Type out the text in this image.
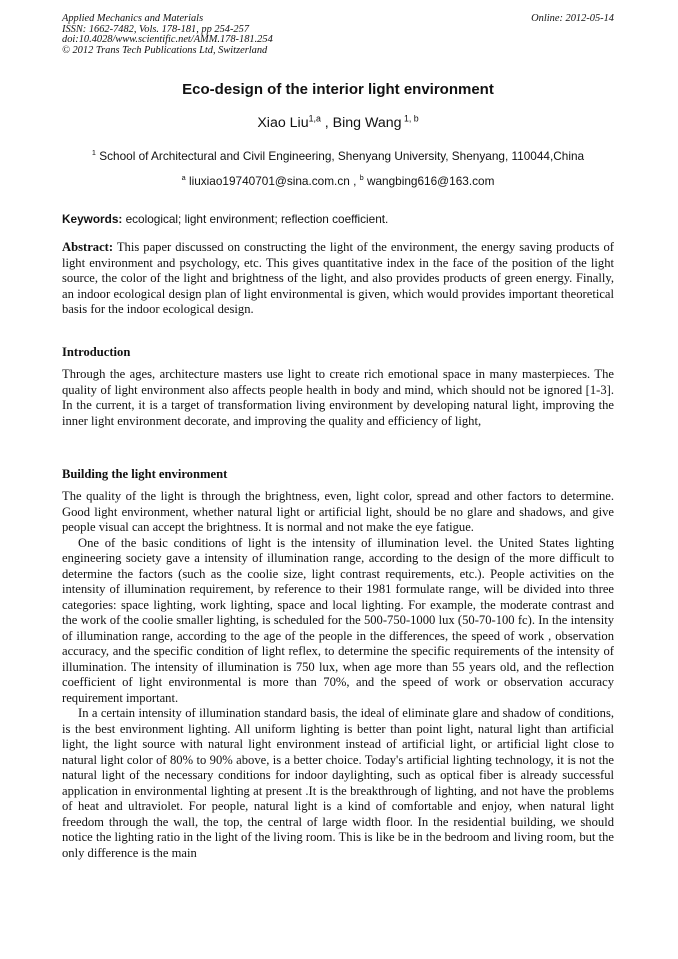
Applied Mechanics and Materials	Online: 2012-05-14
ISSN: 1662-7482, Vols. 178-181, pp 254-257
doi:10.4028/www.scientific.net/AMM.178-181.254
© 2012 Trans Tech Publications Ltd, Switzerland
Eco-design of the interior light environment
Xiao Liu$^{1,a}$ , Bing Wang $^{1, b}$
$^1$ School of Architectural and Civil Engineering, Shenyang University, Shenyang, 110044,China
$^a$ liuxiao19740701@sina.com.cn , $^b$ wangbing616@163.com
Keywords: ecological; light environment; reflection coefficient.

Abstract: This paper discussed on constructing the light of the environment, the energy saving products of light environment and psychology, etc. This gives quantitative index in the face of the position of the light source, the color of the light and brightness of the light, and also provides products of green energy. Finally, an indoor ecological design plan of light environmental is given, which would provides important theoretical basis for the indoor ecological design.

Introduction

Through the ages, architecture masters use light to create rich emotional space in many masterpieces. The quality of light environment also affects people health in body and mind, which should not be ignored [1-3]. In the current, it is a target of transformation living environment by developing natural light, improving the inner light environment decorate, and improving the quality and efficiency of light,

Building the light environment

The quality of the light is through the brightness, even, light color, spread and other factors to determine. Good light environment, whether natural light or artificial light, should be no glare and shadows, and give people visual can accept the brightness. It is normal and not make the eye fatigue.

One of the basic conditions of light is the intensity of illumination level. the United States lighting engineering society gave a intensity of illumination range, according to the design of the more difficult to determine the factors (such as the coolie size, light contrast requirements, etc.). People activities on the intensity of illumination requirement, by reference to their 1981 formulate range, will be divided into three categories: space lighting, work lighting, space and local lighting. For example, the moderate contrast and the work of the coolie smaller lighting, is scheduled for the 500-750-1000 lux (50-70-100 fc). In the intensity of illumination range, according to the age of the people in the differences, the speed of work , observation accuracy, and the specific condition of light reflex, to determine the specific requirements of the intensity of illumination. The intensity of illumination is 750 lux, when age more than 55 years old, and the reflection coefficient of light environmental is more than 70%, and the speed of work or observation accuracy requirement important.

In a certain intensity of illumination standard basis, the ideal of eliminate glare and shadow of conditions, is the best environment lighting. All uniform lighting is better than point light, natural light than artificial light, the light source with natural light environment instead of artificial light, or artificial light close to natural light color of 80% to 90% above, is a better choice. Today's artificial lighting technology, it is not the natural light of the necessary conditions for indoor daylighting, such as optical fiber is already successful application in environmental lighting at present .It is the breakthrough of lighting, and not have the problems of heat and ultraviolet. For people, natural light is a kind of comfortable and enjoy, when natural light freedom through the wall, the top, the central of large width floor. In the residential building, we should notice the lighting ratio in the light of the living room. This is like be in the bedroom and living room, but the only difference is the main
